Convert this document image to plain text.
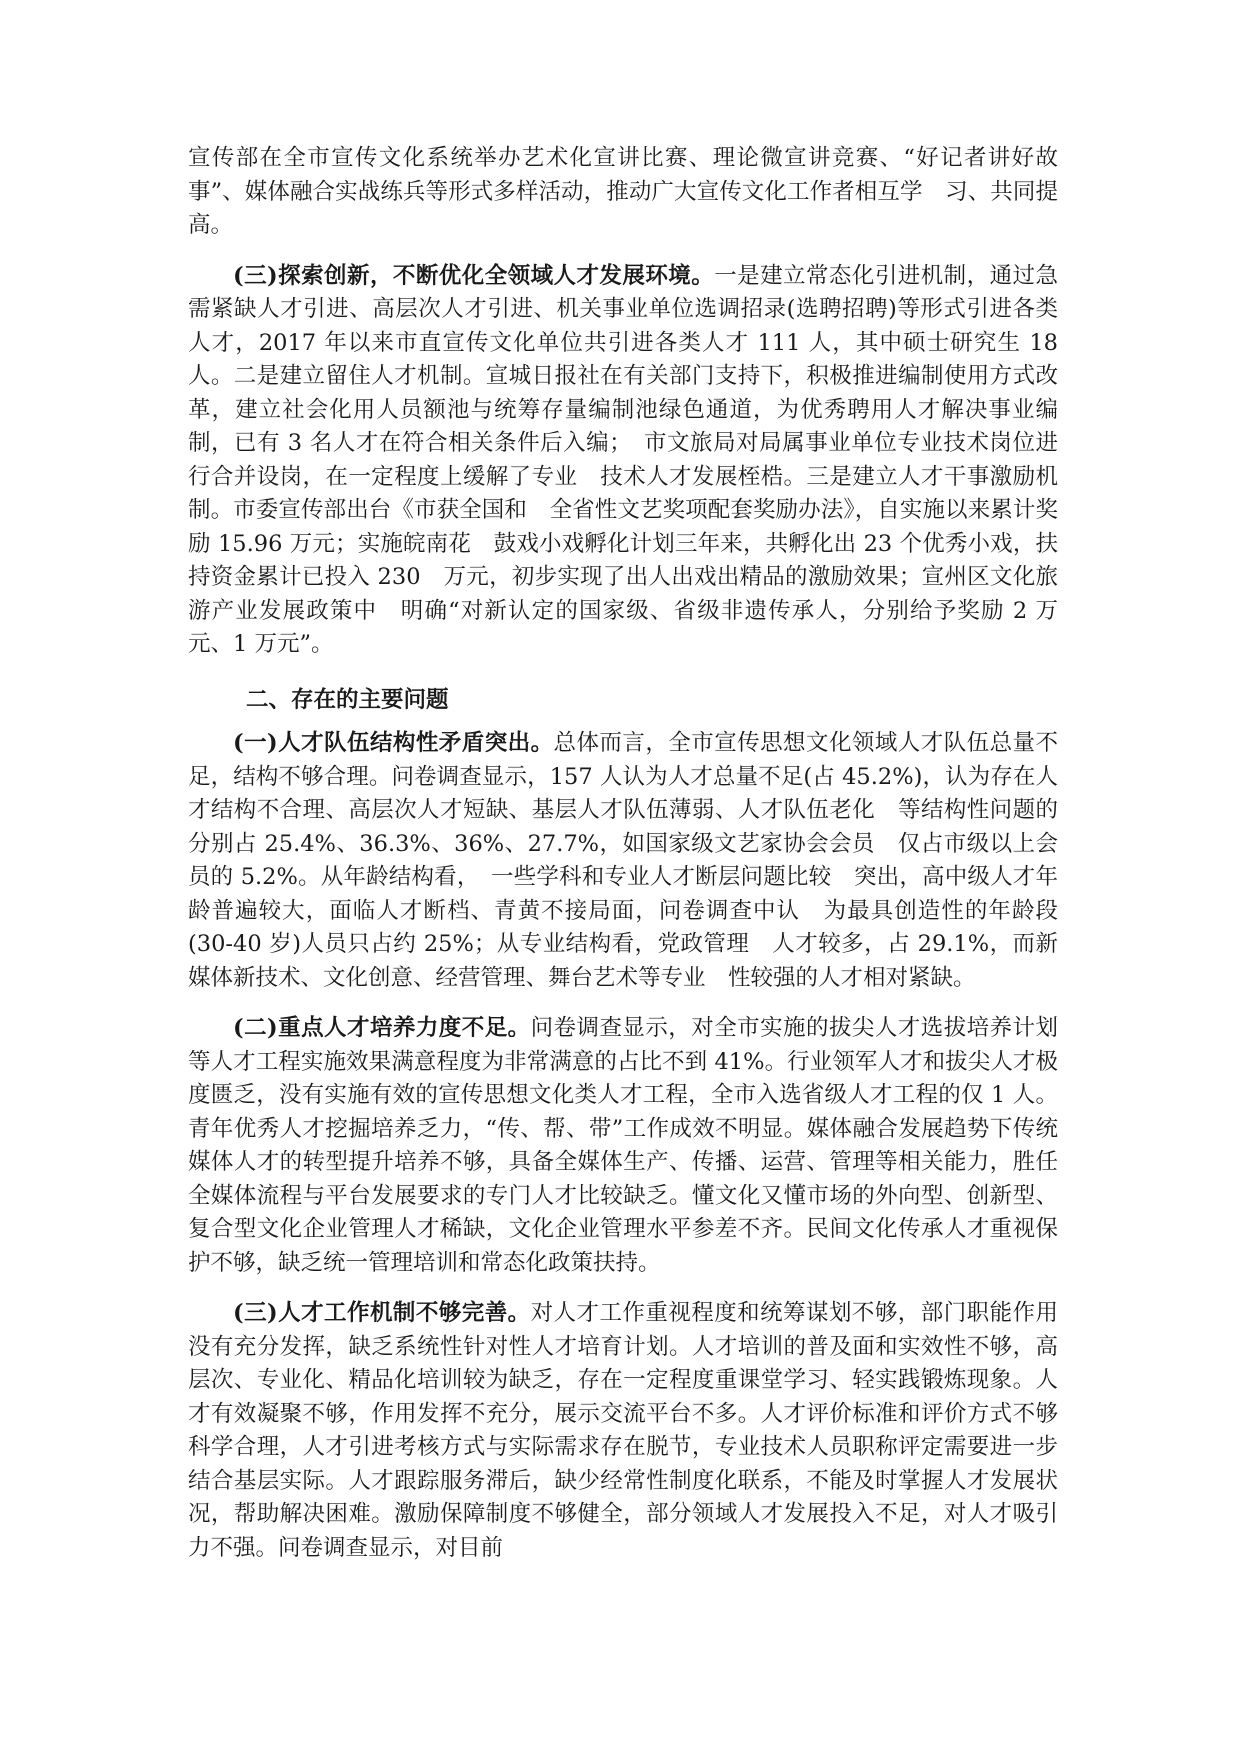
宣传部在全市宣传文化系统举办艺术化宣讲比赛、理论微宣讲竞赛、“好记者讲好故事”、媒体融合实战练兵等形式多样活动，推动广大宣传文化工作者相互学　习、共同提高。

(三)探索创新，不断优化全领域人才发展环境。一是建立常态化引进机制，通过急需紧缺人才引进、高层次人才引进、机关事业单位选调招录(选聘招聘)等形式引进各类人才，2017 年以来市直宣传文化单位共引进各类人才 111 人，其中硕士研究生 18 人。二是建立留住人才机制。宣城日报社在有关部门支持下，积极推进编制使用方式改革，建立社会化用人员额池与统筹存量编制池绿色通道，为优秀聘用人才解决事业编制，已有 3 名人才在符合相关条件后入编；　市文旅局对局属事业单位专业技术岗位进行合并设岗，在一定程度上缓解了专业　技术人才发展桎梏。三是建立人才干事激励机制。市委宣传部出台《市获全国和　全省性文艺奖项配套奖励办法》，自实施以来累计奖励 15.96 万元；实施皖南花　鼓戏小戏孵化计划三年来，共孵化出 23 个优秀小戏，扶持资金累计已投入 230　万元，初步实现了出人出戏出精品的激励效果；宣州区文化旅游产业发展政策中　明确“对新认定的国家级、省级非遗传承人，分别给予奖励 2 万元、1 万元”。

二、存在的主要问题

(一)人才队伍结构性矛盾突出。总体而言，全市宣传思想文化领域人才队伍总量不足，结构不够合理。问卷调查显示，157 人认为人才总量不足(占 45.2%)，认为存在人才结构不合理、高层次人才短缺、基层人才队伍薄弱、人才队伍老化　等结构性问题的分别占 25.4%、36.3%、36%、27.7%，如国家级文艺家协会会员　仅占市级以上会员的 5.2%。从年龄结构看，　一些学科和专业人才断层问题比较　突出，高中级人才年龄普遍较大，面临人才断档、青黄不接局面，问卷调查中认　为最具创造性的年龄段(30-40 岁)人员只占约 25%；从专业结构看，党政管理　人才较多，占 29.1%，而新媒体新技术、文化创意、经营管理、舞台艺术等专业　性较强的人才相对紧缺。

(二)重点人才培养力度不足。问卷调查显示，对全市实施的拔尖人才选拔培养计划等人才工程实施效果满意程度为非常满意的占比不到 41%。行业领军人才和拔尖人才极度匮乏，没有实施有效的宣传思想文化类人才工程，全市入选省级人才工程的仅 1 人。青年优秀人才挖掘培养乏力，“传、帮、带”工作成效不明显。媒体融合发展趋势下传统媒体人才的转型提升培养不够，具备全媒体生产、传播、运营、管理等相关能力，胜任全媒体流程与平台发展要求的专门人才比较缺乏。懂文化又懂市场的外向型、创新型、复合型文化企业管理人才稀缺，文化企业管理水平参差不齐。民间文化传承人才重视保护不够，缺乏统一管理培训和常态化政策扶持。

(三)人才工作机制不够完善。对人才工作重视程度和统筹谋划不够，部门职能作用没有充分发挥，缺乏系统性针对性人才培育计划。人才培训的普及面和实效性不够，高层次、专业化、精品化培训较为缺乏，存在一定程度重课堂学习、轻实践锻炼现象。人才有效凝聚不够，作用发挥不充分，展示交流平台不多。人才评价标准和评价方式不够科学合理，人才引进考核方式与实际需求存在脱节，专业技术人员职称评定需要进一步结合基层实际。人才跟踪服务滞后，缺少经常性制度化联系，不能及时掌握人才发展状况，帮助解决困难。激励保障制度不够健全，部分领域人才发展投入不足，对人才吸引力不强。问卷调查显示，对目前
